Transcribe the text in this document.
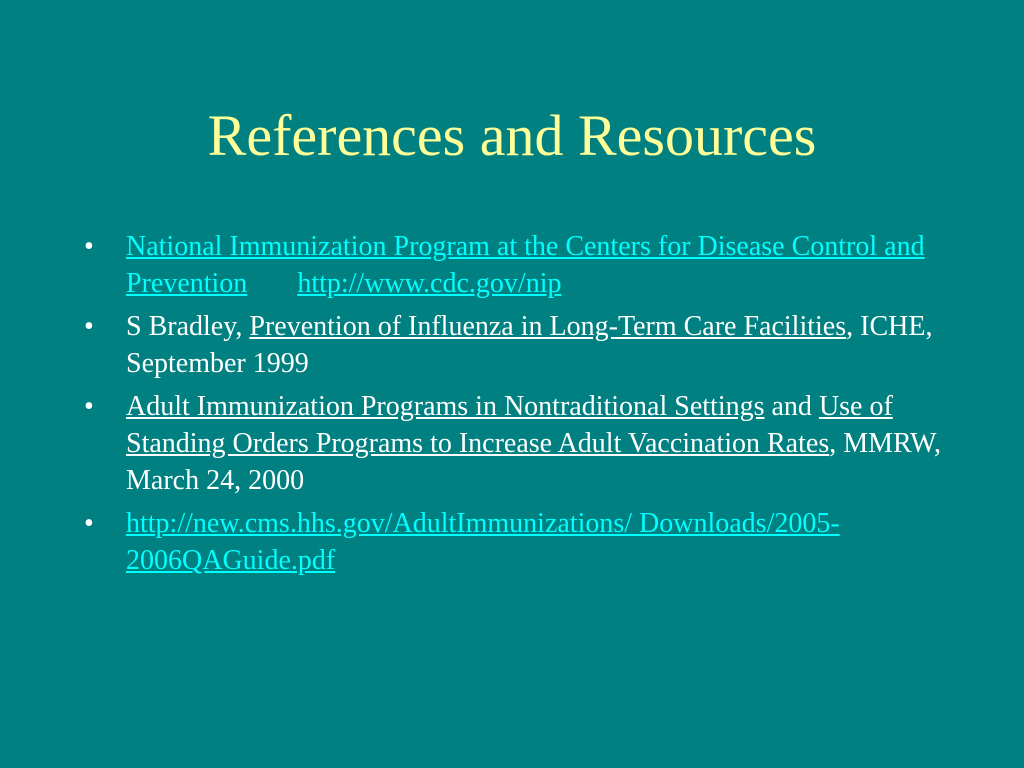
References and Resources
•	National Immunization Program at the Centers for Disease Control and Prevention http://www.cdc.gov/nip
•	S Bradley, Prevention of Influenza in Long-Term Care Facilities, ICHE, September 1999
•	Adult Immunization Programs in Nontraditional Settings and Use of Standing Orders Programs to Increase Adult Vaccination Rates, MMRW, March 24, 2000
•	http://new.cms.hhs.gov/AdultImmunizations/ Downloads/2005-2006QAGuide.pdf
